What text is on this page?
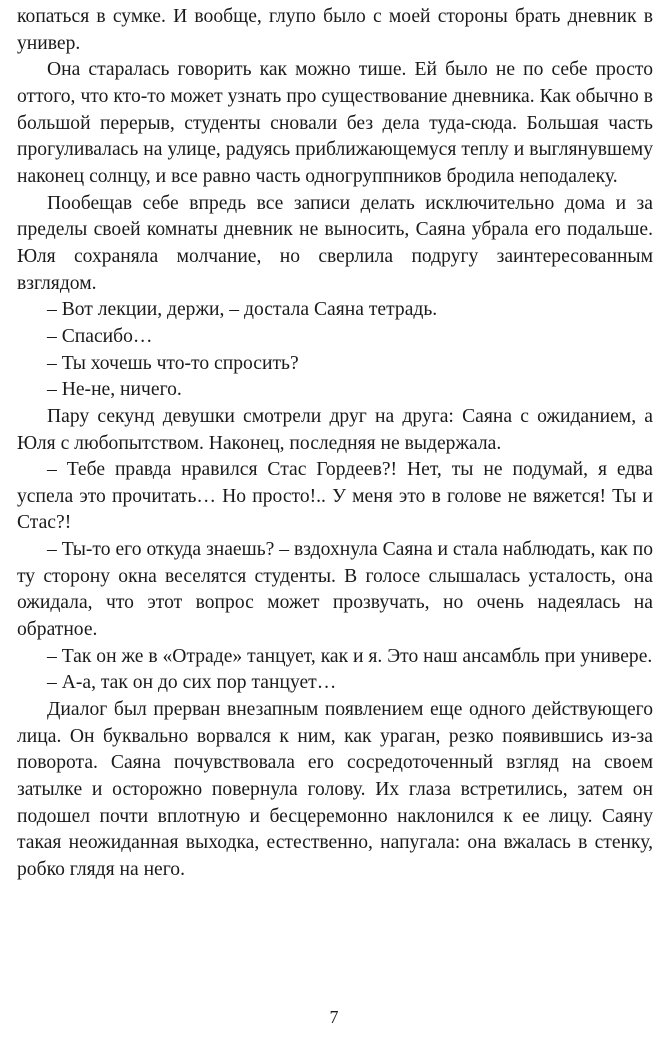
копаться в сумке. И вообще, глупо было с моей стороны брать дневник в универ.

Она старалась говорить как можно тише. Ей было не по себе просто оттого, что кто-то может узнать про существование дневника. Как обычно в большой перерыв, студенты сновали без дела туда-сюда. Большая часть прогуливалась на улице, радуясь приближающемуся теплу и выглянувшему наконец солнцу, и все равно часть одногруппников бродила неподалеку.

Пообещав себе впредь все записи делать исключительно дома и за пределы своей комнаты дневник не выносить, Саяна убрала его подальше. Юля сохраняла молчание, но сверлила подругу заинтересованным взглядом.

– Вот лекции, держи, – достала Саяна тетрадь.

– Спасибо…

– Ты хочешь что-то спросить?

– Не-не, ничего.

Пару секунд девушки смотрели друг на друга: Саяна с ожиданием, а Юля с любопытством. Наконец, последняя не выдержала.

– Тебе правда нравился Стас Гордеев?! Нет, ты не подумай, я едва успела это прочитать… Но просто!.. У меня это в голове не вяжется! Ты и Стас?!

– Ты-то его откуда знаешь? – вздохнула Саяна и стала наблюдать, как по ту сторону окна веселятся студенты. В голосе слышалась усталость, она ожидала, что этот вопрос может прозвучать, но очень надеялась на обратное.

– Так он же в «Отраде» танцует, как и я. Это наш ансамбль при универе.

– А-а, так он до сих пор танцует…

Диалог был прерван внезапным появлением еще одного действующего лица. Он буквально ворвался к ним, как ураган, резко появившись из-за поворота. Саяна почувствовала его сосредоточенный взгляд на своем затылке и осторожно повернула голову. Их глаза встретились, затем он подошел почти вплотную и бесцеремонно наклонился к ее лицу. Саяну такая неожиданная выходка, естественно, напугала: она вжалась в стенку, робко глядя на него.

7
